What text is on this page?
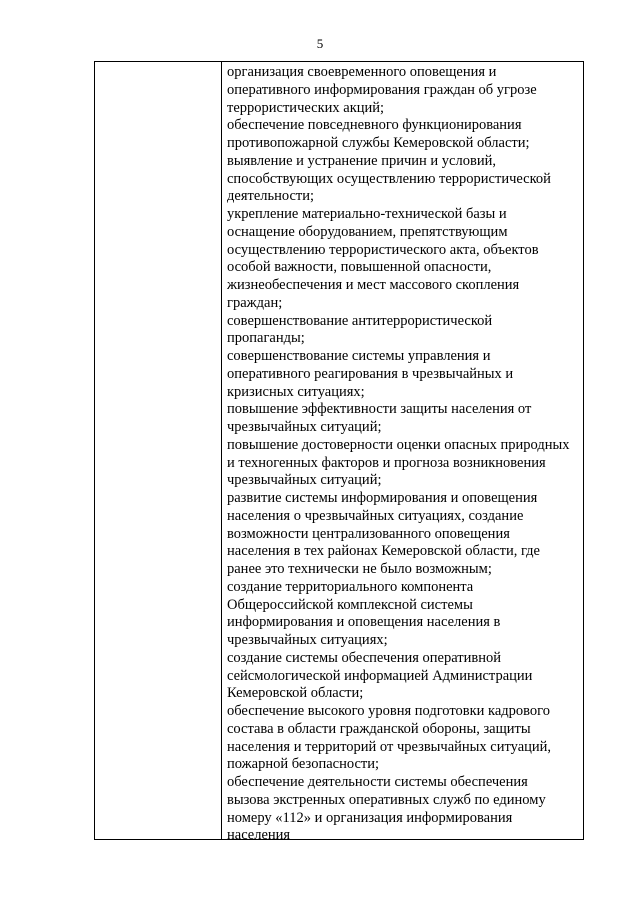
5
организация своевременного оповещения и
оперативного информирования граждан об угрозе
террористических акций;
обеспечение повседневного функционирования
противопожарной службы Кемеровской области;
выявление и устранение причин и условий,
способствующих осуществлению террористической
деятельности;
укрепление материально-технической базы и
оснащение оборудованием, препятствующим
осуществлению террористического акта, объектов
особой важности, повышенной опасности,
жизнеобеспечения и мест массового скопления
граждан;
совершенствование антитеррористической
пропаганды;
совершенствование системы управления и
оперативного реагирования в чрезвычайных и
кризисных ситуациях;
повышение эффективности защиты населения от
чрезвычайных ситуаций;
повышение достоверности оценки опасных природных
и техногенных факторов и прогноза возникновения
чрезвычайных ситуаций;
развитие системы информирования и оповещения
населения о чрезвычайных ситуациях, создание
возможности централизованного оповещения
населения в тех районах Кемеровской области, где
ранее это технически не было возможным;
создание территориального компонента
Общероссийской комплексной системы
информирования и оповещения населения в
чрезвычайных ситуациях;
создание системы обеспечения оперативной
сейсмологической информацией Администрации
Кемеровской области;
обеспечение высокого уровня подготовки кадрового
состава в области гражданской обороны, защиты
населения и территорий от чрезвычайных ситуаций,
пожарной безопасности;
обеспечение деятельности системы обеспечения
вызова экстренных оперативных служб по единому
номеру «112» и организация информирования
населения
